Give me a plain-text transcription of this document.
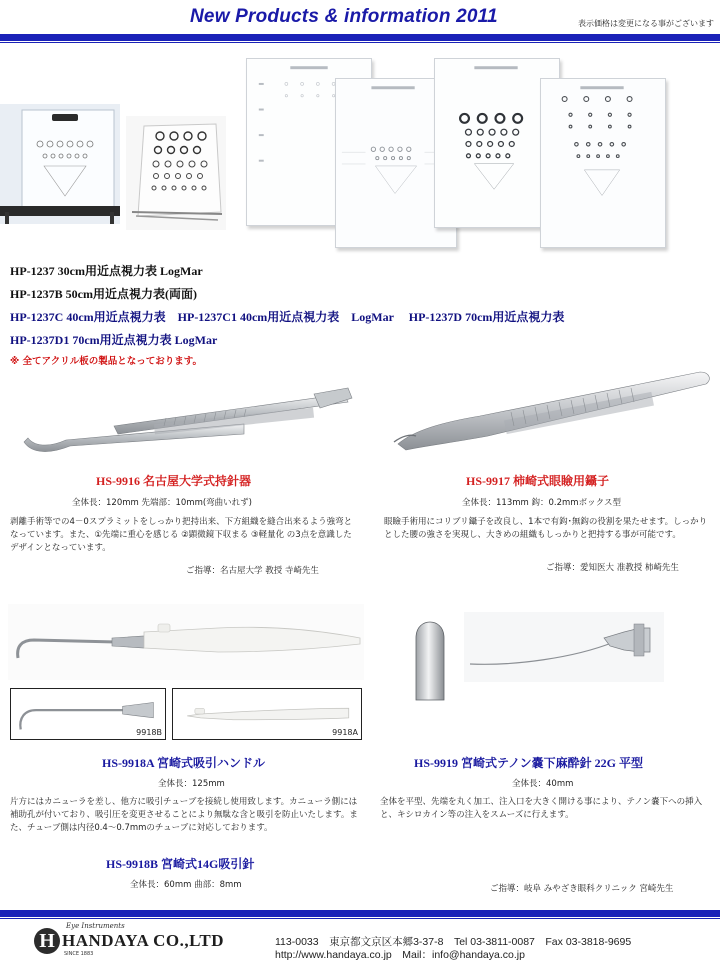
New Products & information 2011	表示価格は変更になる事がございます
HP-1237 30cm用近点視力表 LogMar
HP-1237B 50cm用近点視力表(両面)
HP-1237C 40cm用近点視力表　HP-1237C1 40cm用近点視力表　LogMar　 HP-1237D 70cm用近点視力表
HP-1237D1 70cm用近点視力表 LogMar
※ 全てアクリル板の製品となっております。
HS-9916 名古屋大学式持針器
全体長：120mm 先端部：10mm(弯曲いれず)
剥離手術等での4－0スプラミットをしっかり把持出来、下方組織を縫合出来るよう強弯となっています。また、①先端に重心を感じる ②顕微鏡下収まる ③軽量化 の3点を意識したデザインとなっています。
ご指導：名古屋大学 教授 寺崎先生
HS-9917 柿崎式眼瞼用鑷子
全体長：113mm 鈎：0.2mmボックス型
眼瞼手術用にコリブリ鑷子を改良し、1本で有鈎･無鈎の役割を果たせます。しっかりとした腰の強さを実現し、大きめの組織もしっかりと把持する事が可能です。
ご指導：愛知医大 准教授 柿崎先生
9918B	9918A
HS-9918A 宮崎式吸引ハンドル
全体長：125mm
片方にはカニューラを差し、他方に吸引チューブを接続し使用致します。カニューラ側には補助孔が付いており、吸引圧を変更させることにより無駄な含と吸引を防止いたします。また、チューブ側は内径0.4〜0.7mmのチューブに対応しております。
HS-9918B 宮崎式14G吸引針
全体長：60mm 曲部：8mm
HS-9919 宮崎式テノン嚢下麻酔針 22G 平型
全体長：40mm
全体を平型、先端を丸く加工、注入口を大きく開ける事により、テノン嚢下への挿入と、キシロカイン等の注入をスムーズに行えます。
ご指導：岐阜 みやざき眼科クリニック 宮崎先生
Eye Instruments
H HANDAYA CO.,LTD
SINCE 1883
113-0033　東京都文京区本郷3-37-8　Tel 03-3811-0087　Fax 03-3818-9695
http://www.handaya.co.jp　Mail：info@handaya.co.jp
